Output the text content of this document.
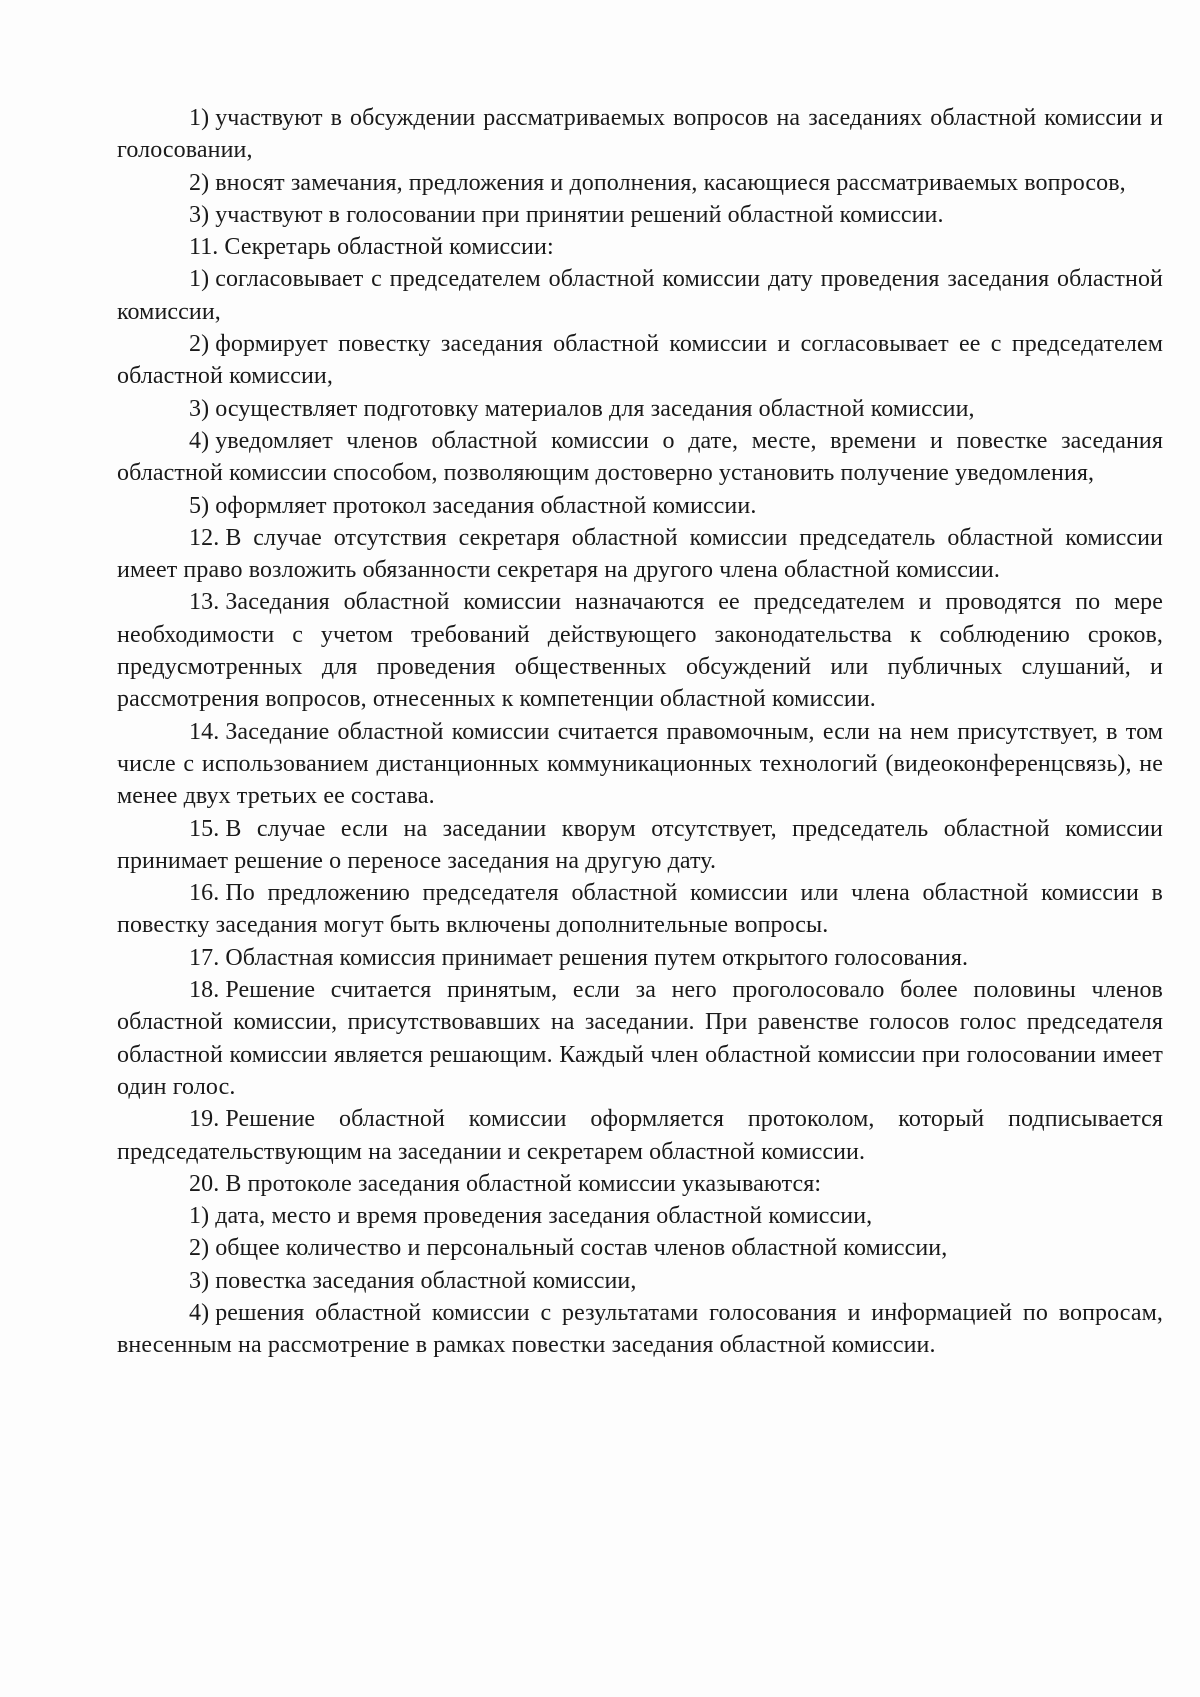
1) участвуют в обсуждении рассматриваемых вопросов на заседаниях областной комиссии и голосовании,

2) вносят замечания, предложения и дополнения, касающиеся рассматриваемых вопросов,

3) участвуют в голосовании при принятии решений областной комиссии.

11. Секретарь областной комиссии:

1) согласовывает с председателем областной комиссии дату проведения заседания областной комиссии,

2) формирует повестку заседания областной комиссии и согласовывает ее с председателем областной комиссии,

3) осуществляет подготовку материалов для заседания областной комиссии,

4) уведомляет членов областной комиссии о дате, месте, времени и повестке заседания областной комиссии способом, позволяющим достоверно установить получение уведомления,

5) оформляет протокол заседания областной комиссии.

12. В случае отсутствия секретаря областной комиссии председатель областной комиссии имеет право возложить обязанности секретаря на другого члена областной комиссии.

13. Заседания областной комиссии назначаются ее председателем и проводятся по мере необходимости с учетом требований действующего законодательства к соблюдению сроков, предусмотренных для проведения общественных обсуждений или публичных слушаний, и рассмотрения вопросов, отнесенных к компетенции областной комиссии.

14. Заседание областной комиссии считается правомочным, если на нем присутствует, в том числе с использованием дистанционных коммуникационных технологий (видеоконференцсвязь), не менее двух третьих ее состава.

15. В случае если на заседании кворум отсутствует, председатель областной комиссии принимает решение о переносе заседания на другую дату.

16. По предложению председателя областной комиссии или члена областной комиссии в повестку заседания могут быть включены дополнительные вопросы.

17. Областная комиссия принимает решения путем открытого голосования.

18. Решение считается принятым, если за него проголосовало более половины членов областной комиссии, присутствовавших на заседании. При равенстве голосов голос председателя областной комиссии является решающим. Каждый член областной комиссии при голосовании имеет один голос.

19. Решение областной комиссии оформляется протоколом, который подписывается председательствующим на заседании и секретарем областной комиссии.

20. В протоколе заседания областной комиссии указываются:

1) дата, место и время проведения заседания областной комиссии,

2) общее количество и персональный состав членов областной комиссии,

3) повестка заседания областной комиссии,

4) решения областной комиссии с результатами голосования и информацией по вопросам, внесенным на рассмотрение в рамках повестки заседания областной комиссии.
